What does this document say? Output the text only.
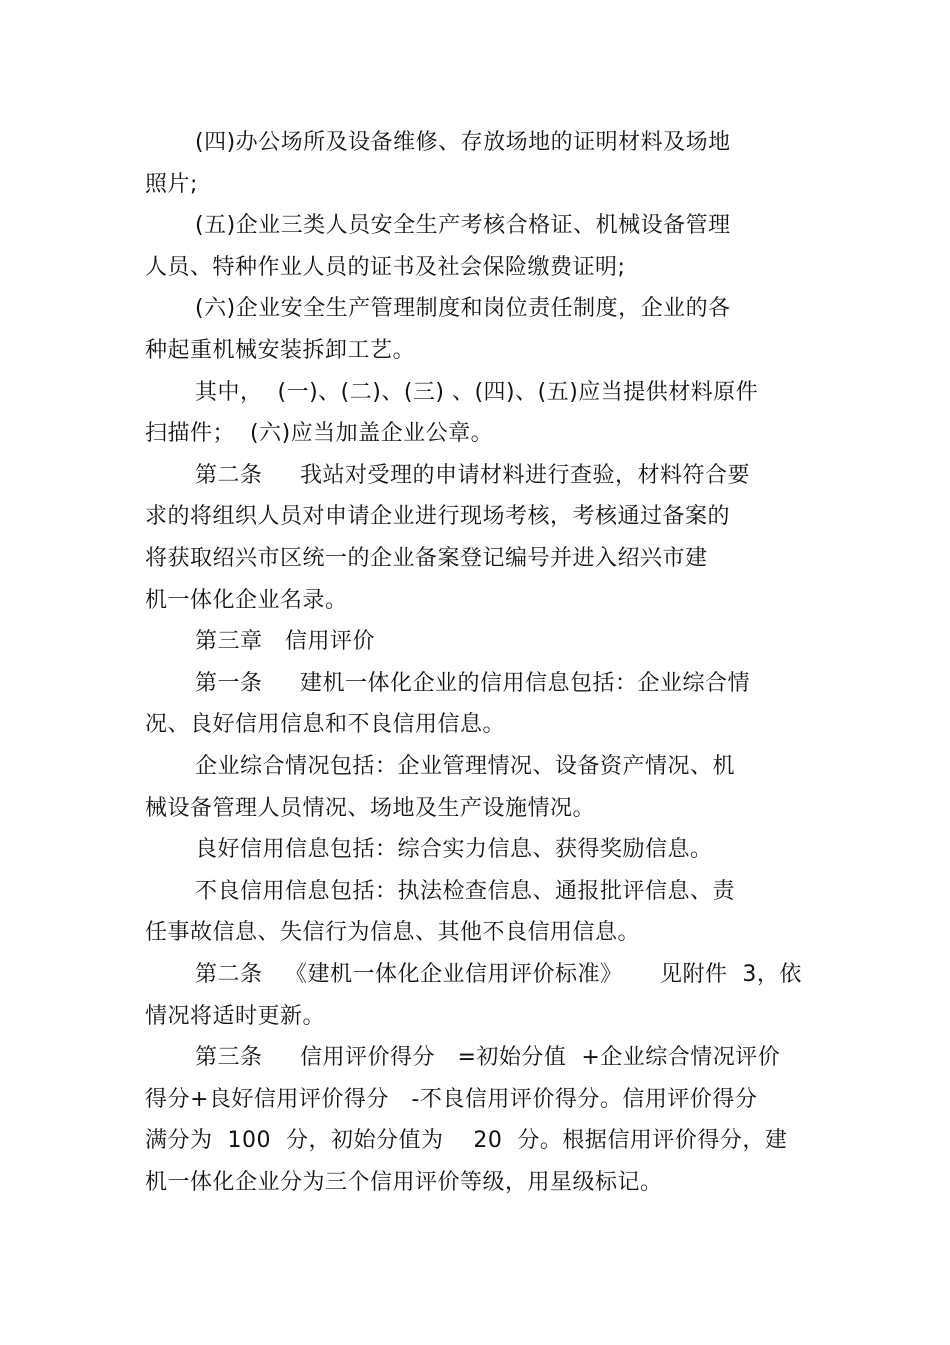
(四)办公场所及设备维修、存放场地的证明材料及场地
照片;
(五)企业三类人员安全生产考核合格证、机械设备管理
人员、特种作业人员的证书及社会保险缴费证明;
(六)企业安全生产管理制度和岗位责任制度，企业的各
种起重机械安装拆卸工艺。
其中，  (一)、(二)、(三) 、(四)、(五)应当提供材料原件
扫描件；  (六)应当加盖企业公章。
第二条     我站对受理的申请材料进行查验，材料符合要
求的将组织人员对申请企业进行现场考核，考核通过备案的
将获取绍兴市区统一的企业备案登记编号并进入绍兴市建
机一体化企业名录。
第三章   信用评价
第一条     建机一体化企业的信用信息包括：企业综合情
况、良好信用信息和不良信用信息。
企业综合情况包括：企业管理情况、设备资产情况、机
械设备管理人员情况、场地及生产设施情况。
良好信用信息包括：综合实力信息、获得奖励信息。
不良信用信息包括：执法检查信息、通报批评信息、责
任事故信息、失信行为信息、其他不良信用信息。
第二条   《建机一体化企业信用评价标准》     见附件  3，依
情况将适时更新。
第三条     信用评价得分   =初始分值  +企业综合情况评价
得分+良好信用评价得分   -不良信用评价得分。信用评价得分
满分为  100  分，初始分值为    20  分。根据信用评价得分，建
机一体化企业分为三个信用评价等级，用星级标记。
